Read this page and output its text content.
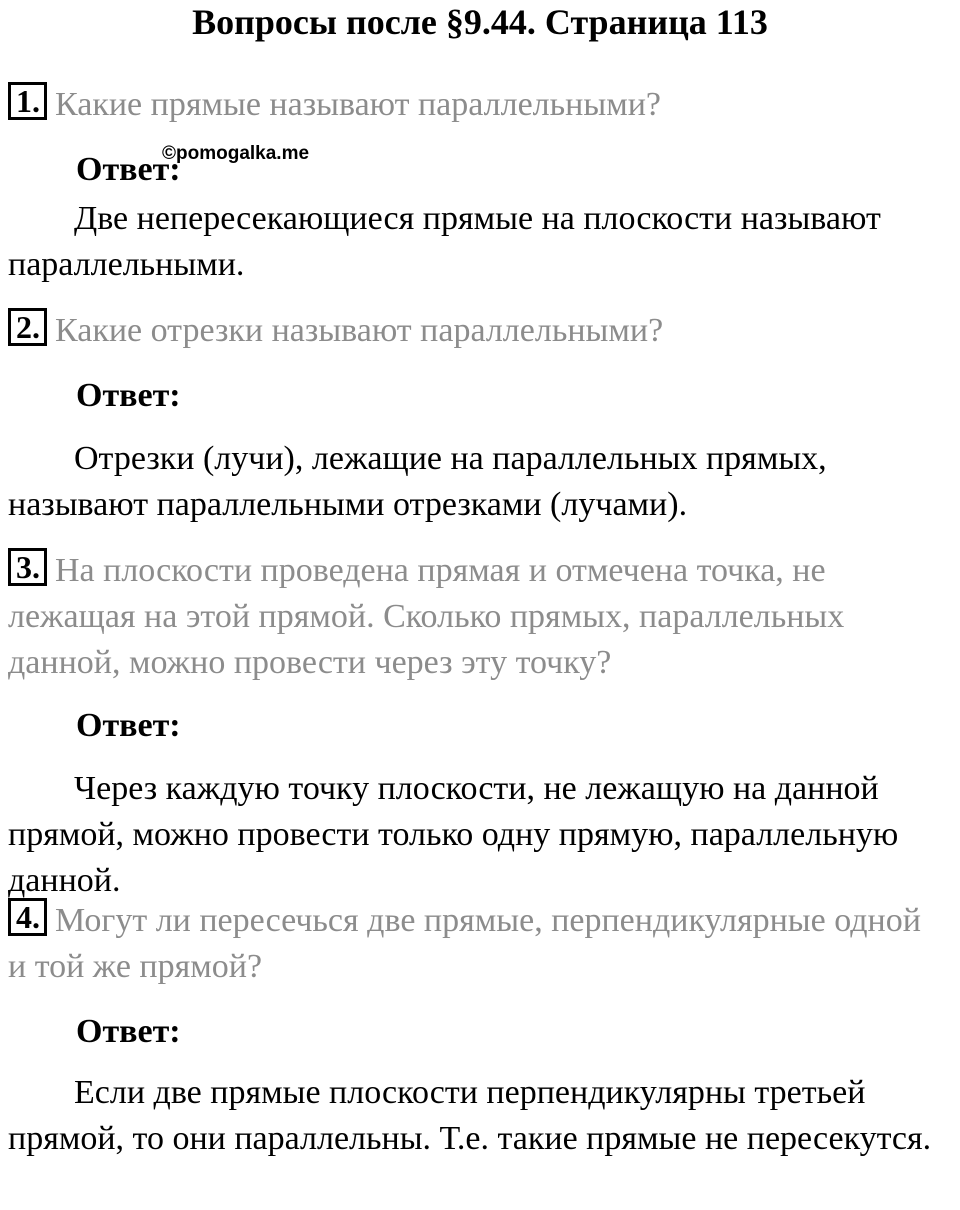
Вопросы после §9.44. Страница 113

1. Какие прямые называют параллельными?

Ответ:

©pomogalka.me

Две непересекающиеся прямые на плоскости называют параллельными.

2. Какие отрезки называют параллельными?

Ответ:

Отрезки (лучи), лежащие на параллельных прямых, называют параллельными отрезками (лучами).

3. На плоскости проведена прямая и отмечена точка, не лежащая на этой прямой. Сколько прямых, параллельных данной, можно провести через эту точку?

Ответ:

Через каждую точку плоскости, не лежащую на данной прямой, можно провести только одну прямую, параллельную данной.

4. Могут ли пересечься две прямые, перпендикулярные одной и той же прямой?

Ответ:

Если две прямые плоскости перпендикулярны третьей прямой, то они параллельны. Т.е. такие прямые не пересекутся.
